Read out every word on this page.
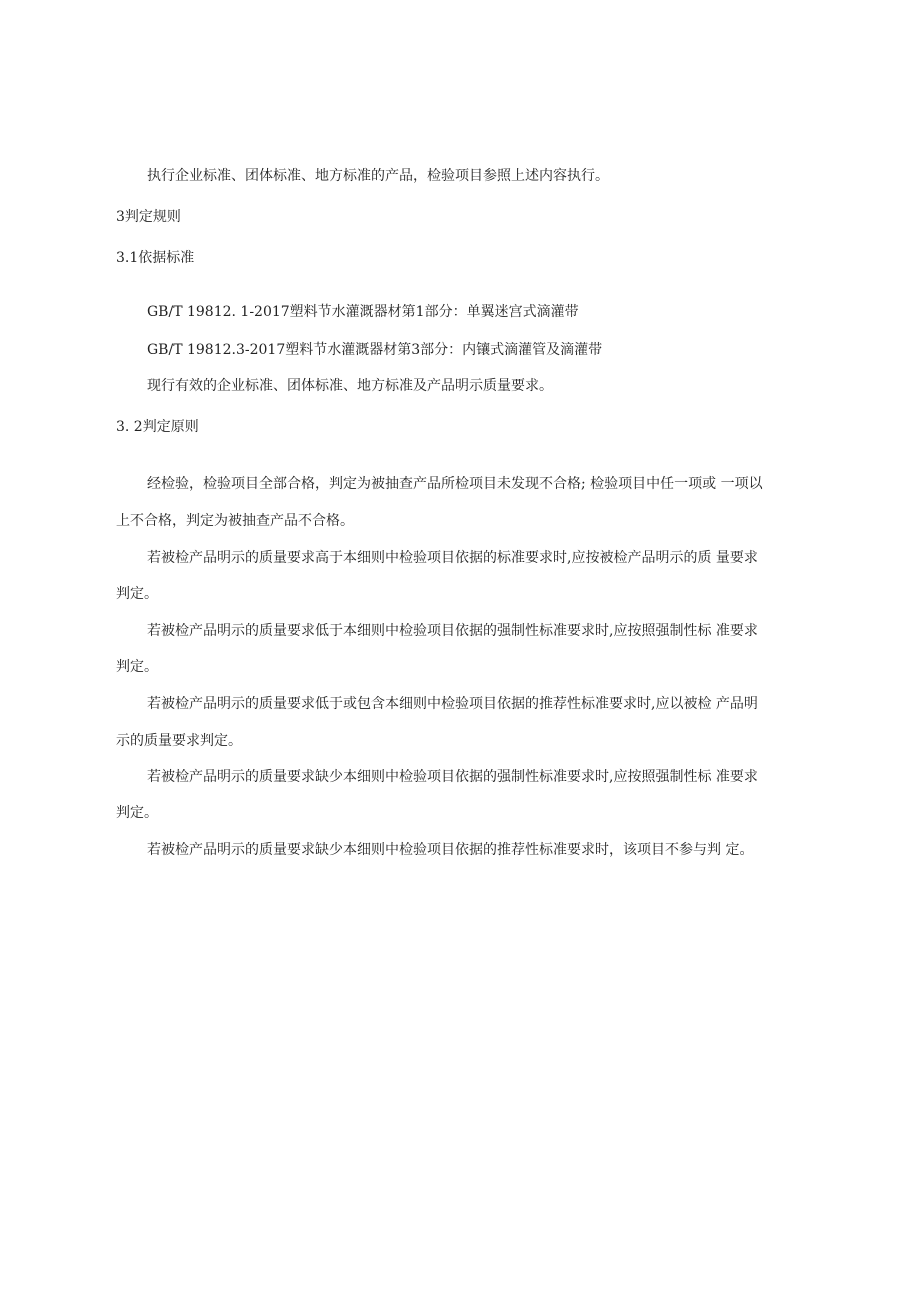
执行企业标准、团体标准、地方标准的产品，检验项目参照上述内容执行。
3判定规则
3.1依据标准
GB/T 19812. 1-2017塑料节水灌溉器材第1部分：单翼迷宫式滴灌带
GB/T 19812.3-2017塑料节水灌溉器材第3部分：内镶式滴灌管及滴灌带
现行有效的企业标准、团体标准、地方标准及产品明示质量要求。
3. 2判定原则
经检验，检验项目全部合格，判定为被抽查产品所检项目未发现不合格; 检验项目中任一项或 一项以
上不合格，判定为被抽查产品不合格。
若被检产品明示的质量要求高于本细则中检验项目依据的标准要求时,应按被检产品明示的质 量要求
判定。
若被检产品明示的质量要求低于本细则中检验项目依据的强制性标准要求时,应按照强制性标 准要求
判定。
若被检产品明示的质量要求低于或包含本细则中检验项目依据的推荐性标准要求时,应以被检 产品明
示的质量要求判定。
若被检产品明示的质量要求缺少本细则中检验项目依据的强制性标准要求时,应按照强制性标 准要求
判定。
若被检产品明示的质量要求缺少本细则中检验项目依据的推荐性标准要求时，该项目不参与判 定。
